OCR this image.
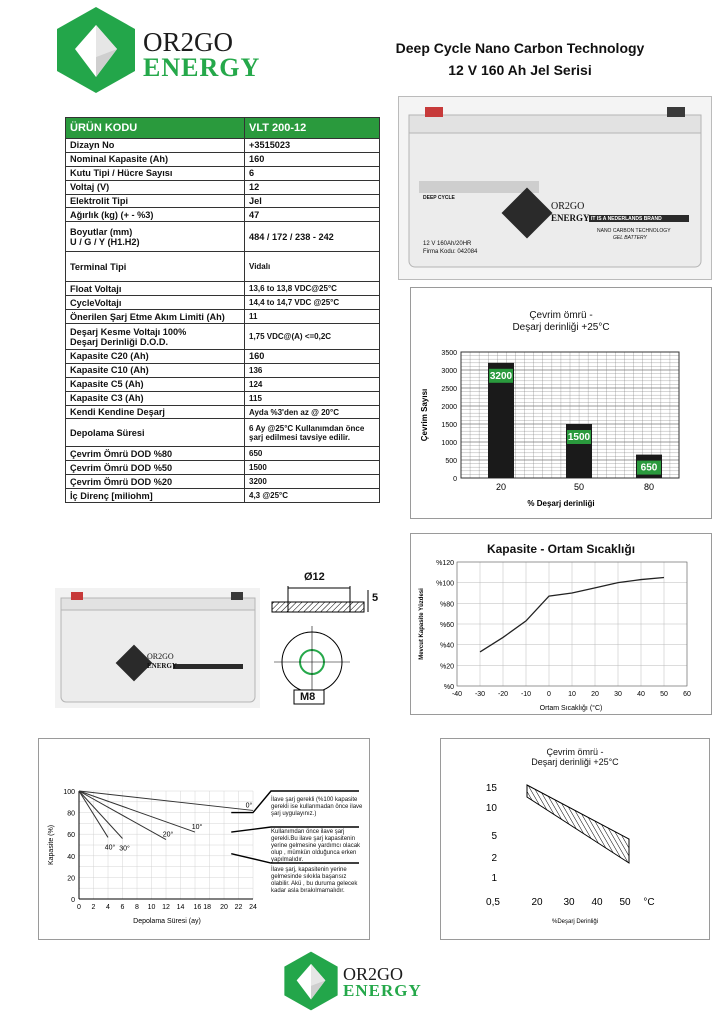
OR2GO
ENERGY
Deep Cycle Nano Carbon Technology
12 V 160 Ah Jel Serisi
ÜRÜN KODU	VLT 200-12
Dizayn No	+3515023
Nominal Kapasite (Ah)	160
Kutu Tipi / Hücre Sayısı	6
Voltaj (V)	12
Elektrolit Tipi	Jel
Ağırlık (kg) (+ - %3)	47
Boyutlar (mm)
U / G / Y (H1.H2)	484 / 172 / 238 - 242
Terminal Tipi	Vidalı
Float Voltajı	13,6 to 13,8 VDC@25°C
CycleVoltajı	14,4 to 14,7 VDC @25°C
Önerilen Şarj Etme Akım Limiti (Ah)	11
Deşarj Kesme Voltajı 100%
Deşarj Derinliği D.O.D.	1,75 VDC@(A) <=0,2C
Kapasite C20 (Ah)	160
Kapasite C10 (Ah)	136
Kapasite C5 (Ah)	124
Kapasite C3 (Ah)	115
Kendi Kendine Deşarj	Ayda %3'den az @ 20°C
Depolama Süresi	6 Ay @25°C Kullanımdan önce
şarj edilmesi tavsiye edilir.
Çevrim Ömrü DOD %80	650
Çevrim Ömrü DOD %50	1500
Çevrim Ömrü DOD %20	3200
İç Direnç [miliohm]	4,3 @25°C
OR2GO
ENERGY IT IS A NEDERLANDS BRAND
DEEP CYCLE
NANO CARBON TECHNOLOGY
GEL BATTERY
12 V 160Ah/20HR
Firma Kodu: 042084
Çevrim ömrü -
Deşarj derinliği +25°C
0
500
1000
1500
2000
2500
3000
3500
3200
20
1500
50
650
80
% Deşarj derinliği
Çevrim Sayısı
Kapasite - Ortam Sıcaklığı
%0
%20
%40
%60
%80
%100
%120
-40 -30 -20 -10 0 10 20 30 40 50 60
Ortam Sıcaklığı (°C)
Mevcut Kapasite Yüzdesi
OR2GO
ENERGY
Ø12
5
M8
0
20
40
60
80
100
0 2 4 6 8 10 12 14 16 18 20 22 24
0°
10°
20°
30°
40°
Depolama Süresi (ay)
Kapasite (%)
İlave şarj gerekli (%100 kapasite gerekli ise kullanmadan önce ilave şarj uygulayınız.)
Kullanımdan önce ilave şarj gerekli.Bu ilave şarj kapasitenin yerine gelmesine yardımcı olacak olup , mümkün olduğunca erken yapılmalıdır.
İlave şarj, kapasitenin yerine gelmesinde sıkıkla başarısız olabilir. Akü , bu duruma gelecek kadar asla bırakılmamalıdır.
Çevrim ömrü -
Deşarj derinliği +25°C
1
2
5
10
15
0,5	20 30 40 50 °C
%Deşarj Derinliği
OR2GO
ENERGY
